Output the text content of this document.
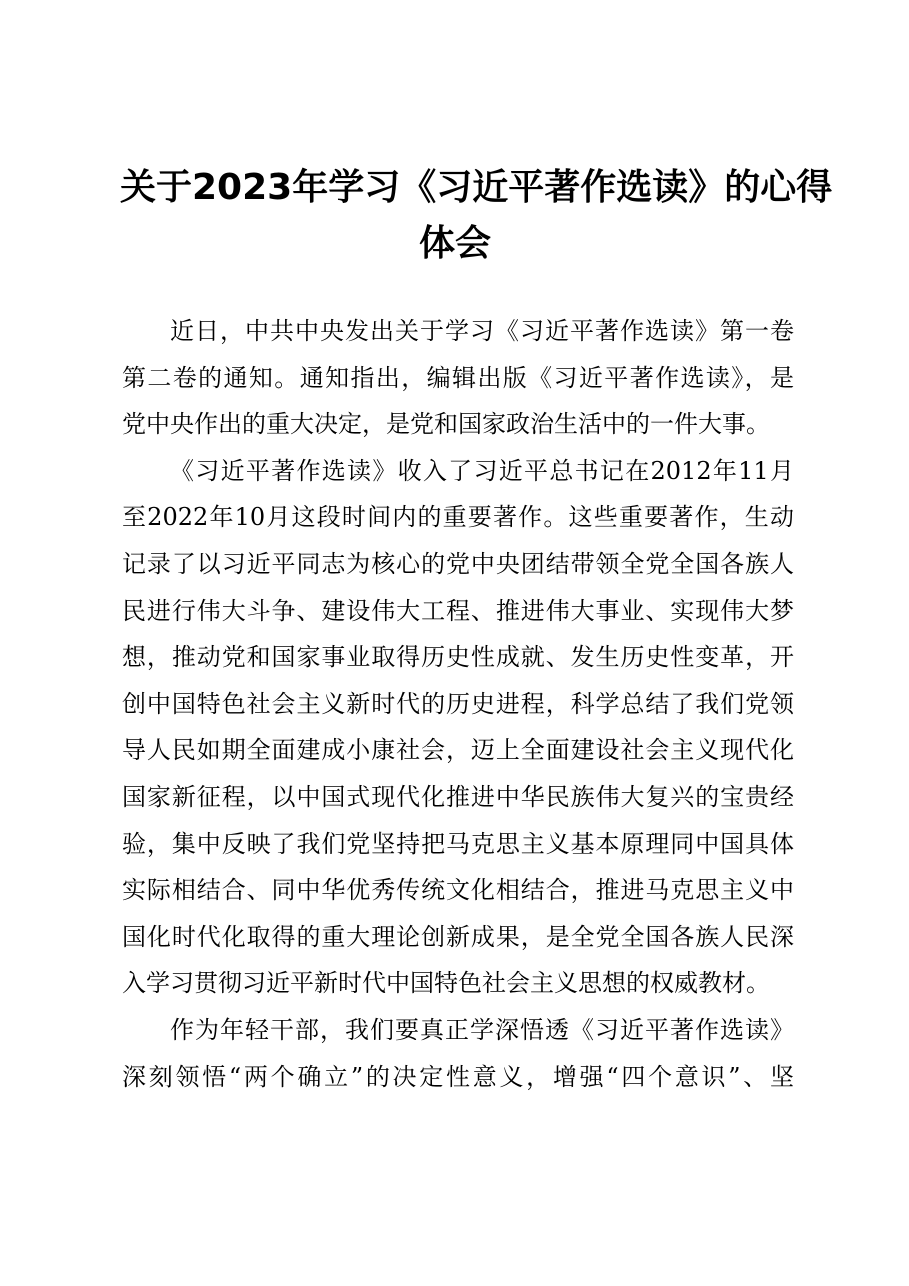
关于2023年学习《习近平著作选读》的心得
体会

近日，中共中央发出关于学习《习近平著作选读》第一卷
第二卷的通知。通知指出，编辑出版《习近平著作选读》，是
党中央作出的重大决定，是党和国家政治生活中的一件大事。

《习近平著作选读》收入了习近平总书记在2012年11月
至2022年10月这段时间内的重要著作。这些重要著作，生动
记录了以习近平同志为核心的党中央团结带领全党全国各族人
民进行伟大斗争、建设伟大工程、推进伟大事业、实现伟大梦
想，推动党和国家事业取得历史性成就、发生历史性变革，开
创中国特色社会主义新时代的历史进程，科学总结了我们党领
导人民如期全面建成小康社会，迈上全面建设社会主义现代化
国家新征程，以中国式现代化推进中华民族伟大复兴的宝贵经
验，集中反映了我们党坚持把马克思主义基本原理同中国具体
实际相结合、同中华优秀传统文化相结合，推进马克思主义中
国化时代化取得的重大理论创新成果，是全党全国各族人民深
入学习贯彻习近平新时代中国特色社会主义思想的权威教材。

作为年轻干部，我们要真正学深悟透《习近平著作选读》
深刻领悟“两个确立”的决定性意义，增强“四个意识”、坚
